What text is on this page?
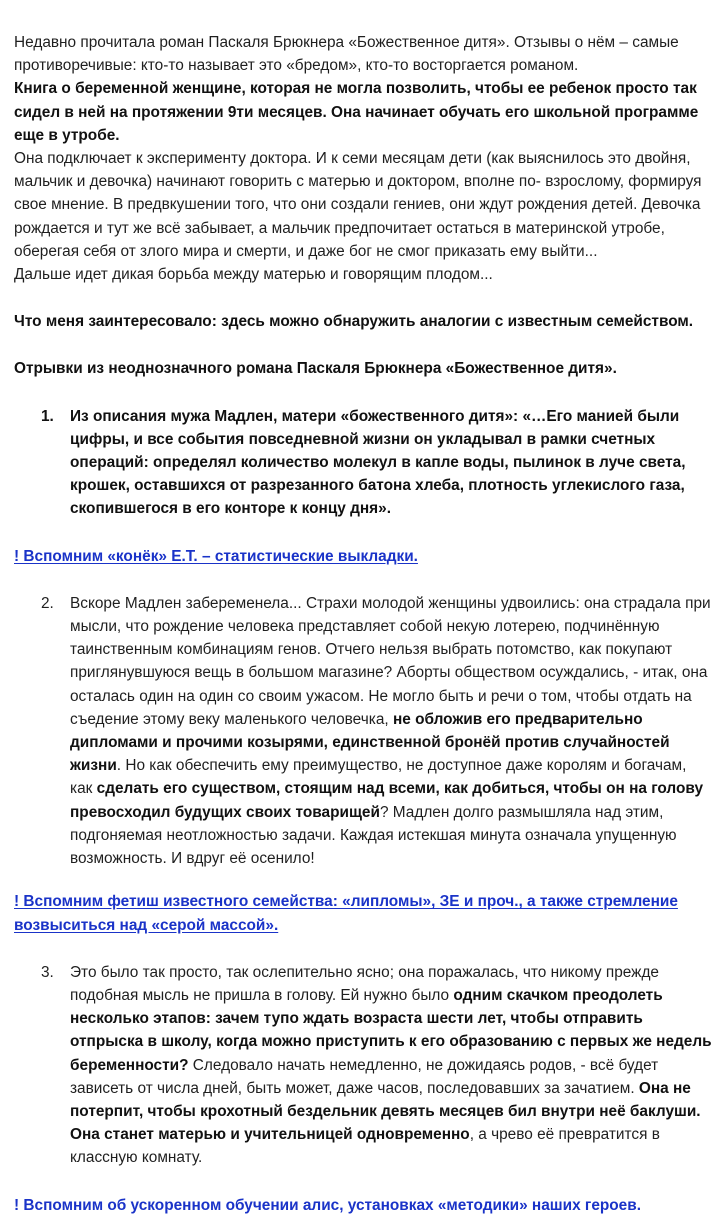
Недавно прочитала роман Паскаля Брюкнера «Божественное дитя». Отзывы о нём – самые противоречивые: кто-то называет это «бредом», кто-то восторгается романом.
Книга о беременной женщине, которая не могла позволить, чтобы ее ребенок просто так сидел в ней на протяжении 9ти месяцев. Она начинает обучать его школьной программе еще в утробе.
Она подключает к эксперименту доктора. И к семи месяцам дети (как выяснилось это двойня, мальчик и девочка) начинают говорить с матерью и доктором, вполне по- взрослому, формируя свое мнение. В предвкушении того, что они создали гениев, они ждут рождения детей. Девочка рождается и тут же всё забывает, а мальчик предпочитает остаться в материнской утробе, оберегая себя от злого мира и смерти, и даже бог не смог приказать ему выйти...
Дальше идет дикая борьба между матерью и говорящим плодом...

Что меня заинтересовало: здесь можно обнаружить аналогии с известным семейством.

Отрывки из неоднозначного романа Паскаля Брюкнера «Божественное дитя».

1.	Из описания мужа Мадлен, матери «божественного дитя»: «…Его манией были цифры, и все события повседневной жизни он укладывал в рамки счетных операций: определял количество молекул в капле воды, пылинок в луче света, крошек, оставшихся от разрезанного батона хлеба, плотность углекислого газа, скопившегося в его конторе к концу дня».

! Вспомним «конёк» Е.Т. – статистические выкладки.

2.	Вскоре Мадлен забеременела... Страхи молодой женщины удвоились: она страдала при мысли, что рождение человека представляет собой некую лотерею, подчинённую таинственным комбинациям генов. Отчего нельзя выбрать потомство, как покупают приглянувшуюся вещь в большом магазине? Аборты обществом осуждались, - итак, она осталась один на один со своим ужасом. Не могло быть и речи о том, чтобы отдать на съедение этому веку маленького человечка, не обложив его предварительно дипломами и прочими козырями, единственной бронёй против случайностей жизни. Но как обеспечить ему преимущество, не доступное даже королям и богачам, как сделать его существом, стоящим над всеми, как добиться, чтобы он на голову превосходил будущих своих товарищей? Мадлен долго размышляла над этим, подгоняемая неотложностью задачи. Каждая истекшая минута означала упущенную возможность. И вдруг её осенило!

! Вспомним фетиш известного семейства: «липломы», ЗЕ и проч., а также стремление возвыситься над «серой массой».

3.	Это было так просто, так ослепительно ясно; она поражалась, что никому прежде подобная мысль не пришла в голову. Ей нужно было одним скачком преодолеть несколько этапов: зачем тупо ждать возраста шести лет, чтобы отправить отпрыска в школу, когда можно приступить к его образованию с первых же недель беременности? Следовало начать немедленно, не дожидаясь родов, - всё будет зависеть от числа дней, быть может, даже часов, последовавших за зачатием. Она не потерпит, чтобы крохотный бездельник девять месяцев бил внутри неё баклуши. Она станет матерью и учительницей одновременно, а чрево её превратится в классную комнату.

! Вспомним об ускоренном обучении алис, установках «методики» наших героев.
